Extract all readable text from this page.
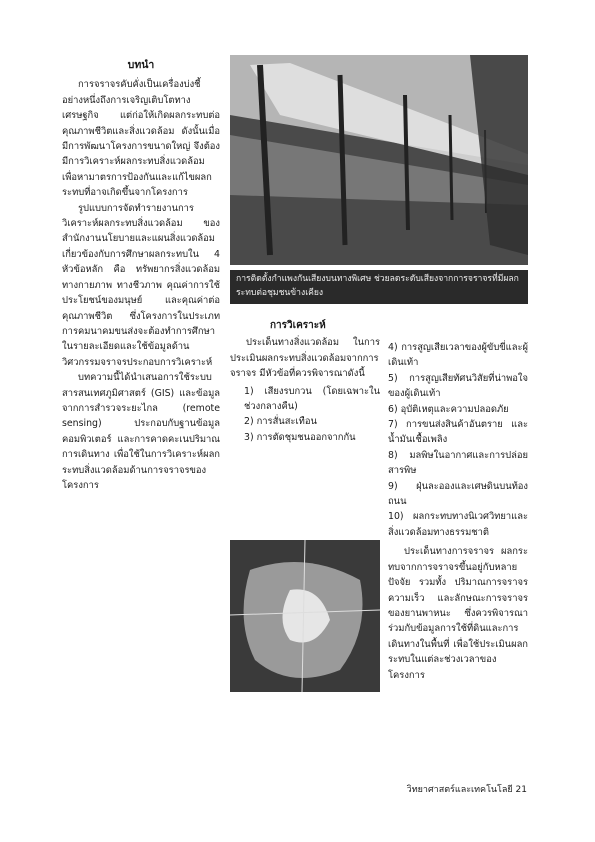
บทนำ

การจราจรคับคั่งเป็นเครื่องบ่งชี้อย่างหนึ่งถึงการเจริญเติบโตทางเศรษฐกิจ แต่ก่อให้เกิดผลกระทบต่อคุณภาพชีวิตและสิ่งแวดล้อม ดังนั้นเมื่อมีการพัฒนาโครงการขนาดใหญ่ จึงต้องมีการวิเคราะห์ผลกระทบสิ่งแวดล้อม เพื่อหามาตรการป้องกันและแก้ไขผลกระทบที่อาจเกิดขึ้นจากโครงการ

รูปแบบการจัดทำรายงานการวิเคราะห์ผลกระทบสิ่งแวดล้อม ของสำนักงานนโยบายและแผนสิ่งแวดล้อม เกี่ยวข้องกับการศึกษาผลกระทบใน 4 หัวข้อหลัก คือ ทรัพยากรสิ่งแวดล้อมทางกายภาพ ทางชีวภาพ คุณค่าการใช้ประโยชน์ของมนุษย์ และคุณค่าต่อคุณภาพชีวิต ซึ่งโครงการในประเภทการคมนาคมขนส่งจะต้องทำการศึกษาในรายละเอียดและใช้ข้อมูลด้านวิศวกรรมจราจรประกอบการวิเคราะห์

บทความนี้ได้นำเสนอการใช้ระบบสารสนเทศภูมิศาสตร์ (GIS) และข้อมูลจากการสำรวจระยะไกล (remote sensing) ประกอบกับฐานข้อมูลคอมพิวเตอร์ และการคาดคะเนปริมาณการเดินทาง เพื่อใช้ในการวิเคราะห์ผลกระทบสิ่งแวดล้อมด้านการจราจรของโครงการ

การติดตั้งกำแพงกันเสียงบนทางพิเศษ ช่วยลดระดับเสียงจากการจราจรที่มีผลกระทบต่อชุมชนข้างเคียง
การวิเคราะห์

ประเด็นทางสิ่งแวดล้อม ในการประเมินผลกระทบสิ่งแวดล้อมจากการจราจร มีหัวข้อที่ควรพิจารณาดังนี้

1) เสียงรบกวน (โดยเฉพาะในช่วงกลางคืน)
2) การสั่นสะเทือน
3) การตัดชุมชนออกจากกัน
4) การสูญเสียเวลาของผู้ขับขี่และผู้เดินเท้า
5) การสูญเสียทัศนวิสัยที่น่าพอใจของผู้เดินเท้า
6) อุบัติเหตุและความปลอดภัย
7) การขนส่งสินค้าอันตราย และน้ำมันเชื้อเพลิง
8) มลพิษในอากาศและการปล่อยสารพิษ
9) ฝุ่นละอองและเศษดินบนท้องถนน
10) ผลกระทบทางนิเวศวิทยาและสิ่งแวดล้อมทางธรรมชาติ

ประเด็นทางการจราจร ผลกระทบจากการจราจรขึ้นอยู่กับหลายปัจจัย รวมทั้ง ปริมาณการจราจร ความเร็ว และลักษณะการจราจรของยานพาหนะ ซึ่งควรพิจารณาร่วมกับข้อมูลการใช้ที่ดินและการเดินทางในพื้นที่ เพื่อใช้ประเมินผลกระทบในแต่ละช่วงเวลาของโครงการ

วิทยาศาสตร์และเทคโนโลยี 21
